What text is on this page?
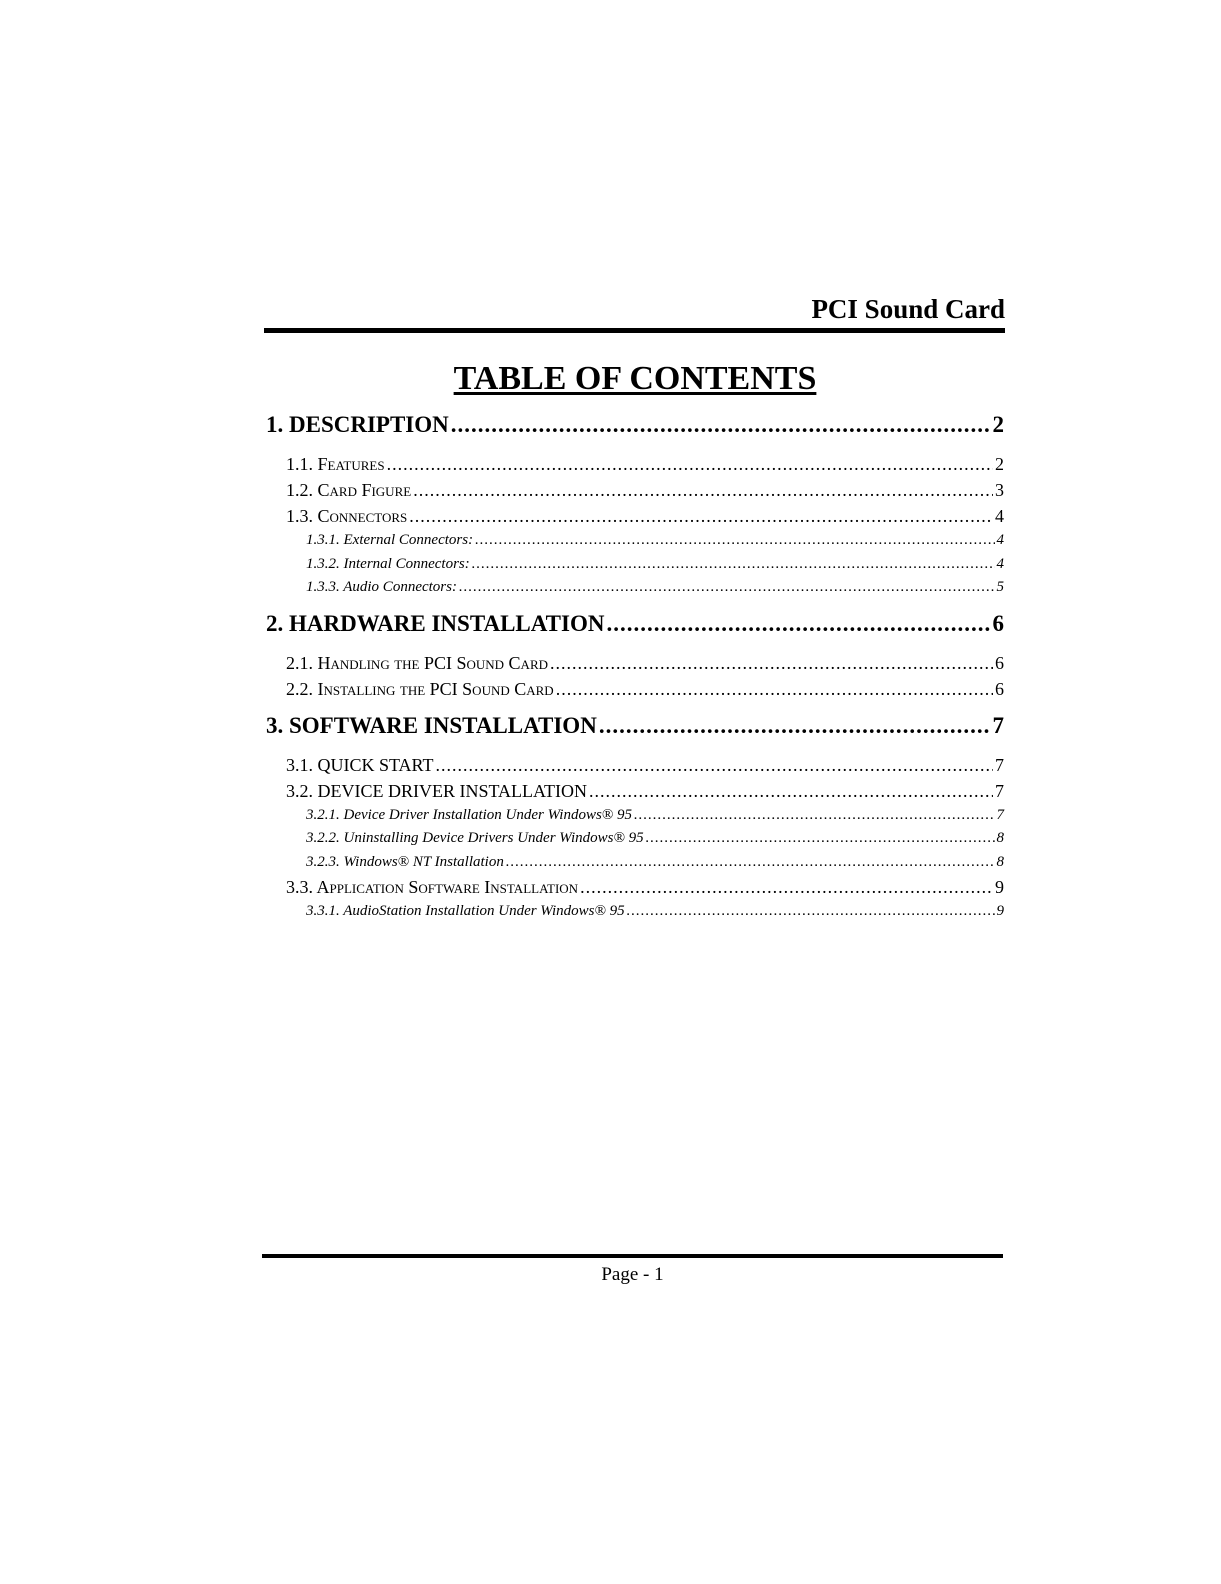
PCI Sound Card
TABLE OF CONTENTS
1. DESCRIPTION .....	2
1.1. Features .....	2
1.2. Card Figure .....	3
1.3. Connectors .....	4
1.3.1. External Connectors: .....	4
1.3.2. Internal Connectors: .....	4
1.3.3. Audio Connectors: .....	5
2. HARDWARE INSTALLATION .....	6
2.1. Handling the PCI Sound Card .....	6
2.2. Installing the PCI Sound Card .....	6
3. SOFTWARE INSTALLATION .....	7
3.1. QUICK START .....	7
3.2. DEVICE DRIVER INSTALLATION .....	7
3.2.1. Device Driver Installation Under Windows® 95 .....	7
3.2.2. Uninstalling Device Drivers Under Windows® 95 .....	8
3.2.3. Windows® NT Installation .....	8
3.3. Application Software Installation .....	9
3.3.1. AudioStation Installation Under Windows® 95 .....	9
Page - 1
